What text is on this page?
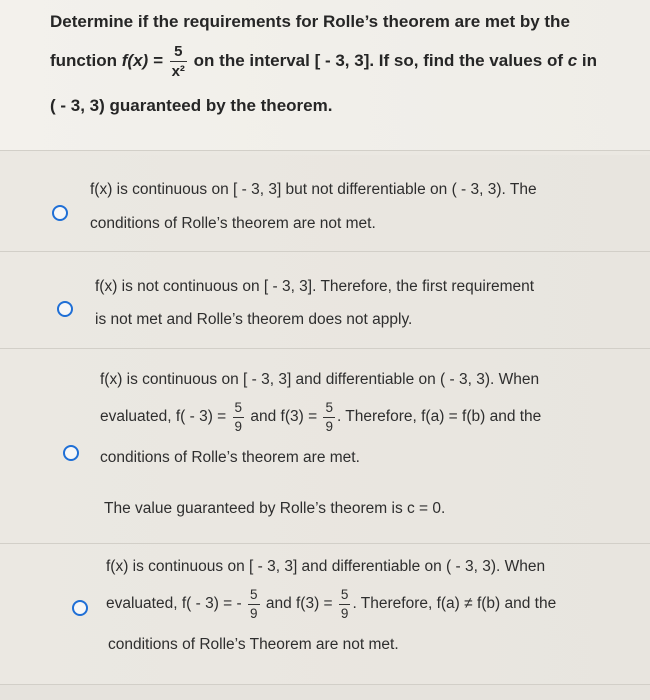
Determine if the requirements for Rolle’s theorem are met by the
function $f(x) = \frac{5}{\text{x²}}$ on the interval [ - 3, 3]. If so, find the values of c in
( - 3, 3) guaranteed by the theorem.
f(x) is continuous on [ - 3, 3] but not differentiable on ( - 3, 3). The
conditions of Rolle’s theorem are not met.
f(x) is not continuous on [ - 3, 3]. Therefore, the first requirement
is not met and Rolle’s theorem does not apply.
f(x) is continuous on [ - 3, 3] and differentiable on ( - 3, 3). When
evaluated, $f( - 3) = \frac{5}{9}$ and $f(3) = \frac{5}{9}$ . Therefore, f(a) = f(b) and the
conditions of Rolle’s theorem are met.
The value guaranteed by Rolle’s theorem is c = 0.
f(x) is continuous on [ - 3, 3] and differentiable on ( - 3, 3). When
evaluated, f( - 3) = - $\frac{5}{9}$ and $f(3) = \frac{5}{9}$ . Therefore, f(a) ≠ f(b) and the
conditions of Rolle’s Theorem are not met.
